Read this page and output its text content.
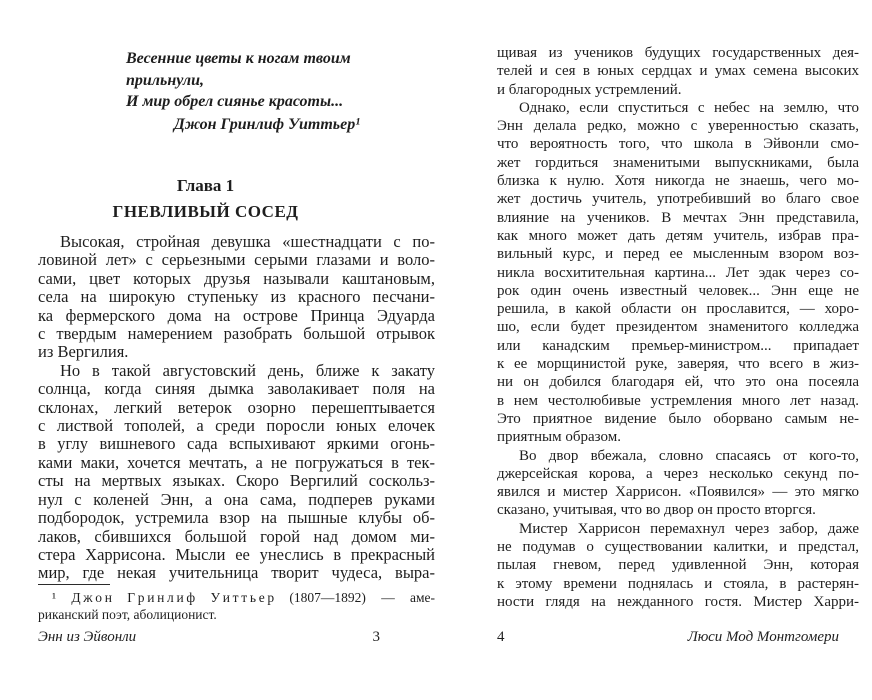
Весенние цветы к ногам твоим прильнули,
И мир обрел сиянье красоты...
Джон Гринлиф Уиттьер¹
Глава 1
ГНЕВЛИВЫЙ СОСЕД
Высокая, стройная девушка «шестнадцати с по-
ловиной лет» с серьезными серыми глазами и воло-
сами, цвет которых друзья называли каштановым,
села на широкую ступеньку из красного песчани-
ка фермерского дома на острове Принца Эдуарда
с твердым намерением разобрать большой отрывок
из Вергилия.
Но в такой августовский день, ближе к закату
солнца, когда синяя дымка заволакивает поля на
склонах, легкий ветерок озорно перешептывается
с листвой тополей, а среди поросли юных елочек
в углу вишневого сада вспыхивают яркими огонь-
ками маки, хочется мечтать, а не погружаться в тек-
сты на мертвых языках. Скоро Вергилий соскольз-
нул с коленей Энн, а она сама, подперев руками
подбородок, устремила взор на пышные клубы об-
лаков, сбившихся большой горой над домом ми-
стера Харрисона. Мысли ее унеслись в прекрасный
мир, где некая учительница творит чудеса, выра-
¹ Д ж о н Г р и н л и ф У и т т ь е р (1807—1892) — аме-
риканский поэт, аболиционист.
Энн из Эйвонли	3
щивая из учеников будущих государственных дея-
телей и сея в юных сердцах и умах семена высоких
и благородных устремлений.
Однако, если спуститься с небес на землю, что
Энн делала редко, можно с уверенностью сказать,
что вероятность того, что школа в Эйвонли смо-
жет гордиться знаменитыми выпускниками, была
близка к нулю. Хотя никогда не знаешь, чего мо-
жет достичь учитель, употребивший во благо свое
влияние на учеников. В мечтах Энн представила,
как много может дать детям учитель, избрав пра-
вильный курс, и перед ее мысленным взором воз-
никла восхитительная картина... Лет эдак через со-
рок один очень известный человек... Энн еще не
решила, в какой области он прославится, — хоро-
шо, если будет президентом знаменитого колледжа
или канадским премьер-министром... припадает
к ее морщинистой руке, заверяя, что всего в жиз-
ни он добился благодаря ей, что это она посеяла
в нем честолюбивые устремления много лет назад.
Это приятное видение было оборвано самым не-
приятным образом.
Во двор вбежала, словно спасаясь от кого-то,
джерсейская корова, а через несколько секунд по-
явился и мистер Харрисон. «Появился» — это мягко
сказано, учитывая, что во двор он просто вторгся.
Мистер Харрисон перемахнул через забор, даже
не подумав о существовании калитки, и предстал,
пылая гневом, перед удивленной Энн, которая
к этому времени поднялась и стояла, в растерян-
ности глядя на нежданного гостя. Мистер Харри-
4	Люси Мод Монтгомери
